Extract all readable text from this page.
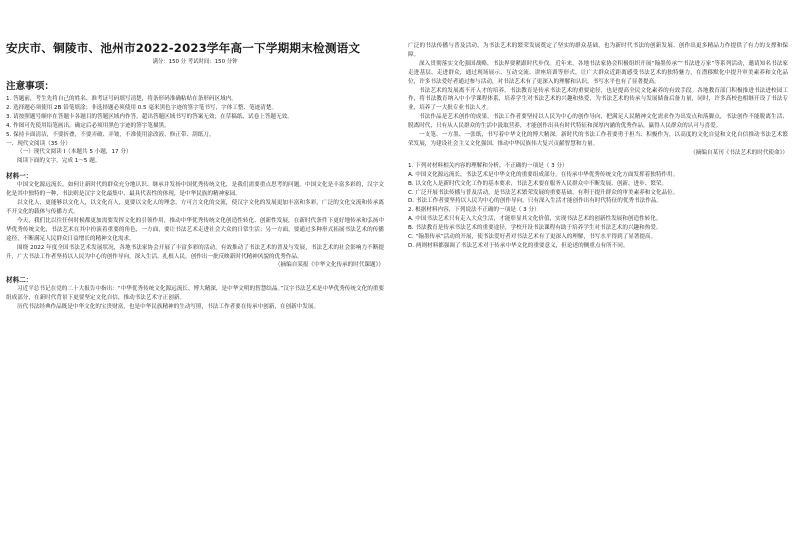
安庆市、铜陵市、池州市2022-2023学年高一下学期期末检测语文
满分：150 分 考试时间：150 分钟
注意事项：

1. 答题前，考生先将自己的姓名、准考证号码填写清楚，将条形码准确粘贴在条形码区域内。

2. 选择题必须使用 2B 铅笔填涂；非选择题必须使用 0.5 毫米黑色字迹的签字笔书写，字体工整、笔迹清楚。

3. 请按照题号顺序在答题卡各题目的答题区域内作答，超出答题区域书写的答案无效；在草稿纸、试卷上答题无效。

4. 作图可先使用铅笔画出，确定后必须用黑色字迹的签字笔描黑。

5. 保持卡面清洁，不要折叠，不要弄破、弄皱，不准使用涂改液、修正带、刮纸刀。

一、现代文阅读（35 分）

（一）现代文阅读 I（本题共 5 小题，17 分）

阅读下面的文字，完成 1～5 题。

材料一：

中国文化源远流长，如何让新时代的群众充分地认识、继承并发扬中国优秀传统文化，是我们需要重点思考的问题。中国文化是丰富多彩的，汉字文化是其中独特的一种，书法则是汉字文化最集中、最具代表性的体现，是中华民族的精神家园。

以文化人，更能够以文化人，以文化育人，更要以文化人的理念，方可言文化的交流，使汉字文化的发展更加丰富和多彩，广泛的文化交流和传承离不开文化的载体与传播方式。

今天，我们比以往任何时候都更加需要发挥文化的引领作用，推动中华优秀传统文化创造性转化、创新性发展，在新时代条件下更好地传承和弘扬中华优秀传统文化，书法艺术在其中扮演着重要的角色，一方面，要让书法艺术走进社会大众的日常生活；另一方面，要通过多种形式拓展书法艺术的传播途径，不断满足人民群众日益增长的精神文化需求。

围绕 2022 年度全国书法艺术发展状况，各地书法家协会开展了丰富多彩的活动，有效推动了书法艺术的普及与发展，书法艺术的社会影响力不断提升，广大书法工作者坚持以人民为中心的创作导向，深入生活、扎根人民，创作出一批反映新时代精神风貌的优秀作品。

（摘编自某报《中华文化传承的时代课题》）

材料二：

习近平总书记在党的二十大报告中指出：“中华优秀传统文化源远流长、博大精深，是中华文明的智慧结晶。”汉字书法艺术是中华优秀传统文化的重要组成部分，在新时代背景下更要坚定文化自信，推动书法艺术守正创新。

历代书法经典作品既是中华文化的宝贵财富，也是中华民族精神的生动写照，书法工作者要在传承中创新，在创新中发展。

广泛的书法传播与普及活动，为书法艺术的繁荣发展奠定了坚实的群众基础，也为新时代书法的创新发展、创作出更多精品力作提供了有力的支撑和保障。

深入贯彻落实文化强国战略，书法界要紧跟时代步伐。近年来，各地书法家协会积极组织开展“翰墨传承”“书法进万家”等系列活动，邀请知名书法家走进基层、走进群众，通过现场展示、互动交流、讲座培训等形式，让广大群众近距离感受书法艺术的独特魅力，在潜移默化中提升审美素养和文化品位，许多书法爱好者通过参与活动，对书法艺术有了更深入的理解和认识，书写水平也有了显著提高。

书法艺术的发展离不开人才的培养。书法教育是传承书法艺术的重要途径，也是提高全民文化素养的有效手段。各地教育部门积极推进书法进校园工作，将书法教育纳入中小学课程体系，培养学生对书法艺术的兴趣和热爱，为书法艺术的传承与发展储备后备力量，同时，许多高校也相继开设了书法专业，培养了一大批专业书法人才。

书法作品是艺术创作的成果。书法工作者要坚持以人民为中心的创作导向，把满足人民精神文化需求作为出发点和落脚点，书法创作不能脱离生活、脱离时代，只有从人民群众的生活中汲取营养，才能创作出具有时代特征和深厚内涵的优秀作品，赢得人民群众的认可与喜爱。

一支笔、一方墨、一张纸，书写着中华文化的博大精深。新时代的书法工作者要勇于担当、积极作为，以高度的文化自觉和文化自信推动书法艺术繁荣发展，为建设社会主义文化强国、推动中华民族伟大复兴贡献智慧和力量。

（摘编自某刊《书法艺术的时代使命》）

1. 下列对材料相关内容的理解和分析，不正确的一项是（ 3 分）

A. 中国文化源远流长，书法艺术是中华文化的重要组成部分，在传承中华优秀传统文化方面发挥着独特作用。

B. 以文化人是新时代文化工作的基本要求，书法艺术要在服务人民群众中不断发展、创新、进步、繁荣。

C. 广泛开展书法传播与普及活动，是书法艺术繁荣发展的重要基础，有利于提升群众的审美素养和文化品位。

D. 书法工作者要坚持以人民为中心的创作导向，只有深入生活才能创作出有时代特征的优秀书法作品。

2. 根据材料内容，下列说法不正确的一项是（ 3 分）

A. 中国书法艺术只有走入大众生活，才能彰显其文化价值，实现书法艺术的创新性发展和创造性转化。

B. 书法教育是传承书法艺术的重要途径，学校开设书法课程有助于培养学生对书法艺术的兴趣和热爱。

C. “翰墨传承”活动的开展，使书法爱好者对书法艺术有了更深入的理解，书写水平得到了显著提高。

D. 两则材料都强调了书法艺术对于传承中华文化的重要意义，但论述的侧重点有所不同。
